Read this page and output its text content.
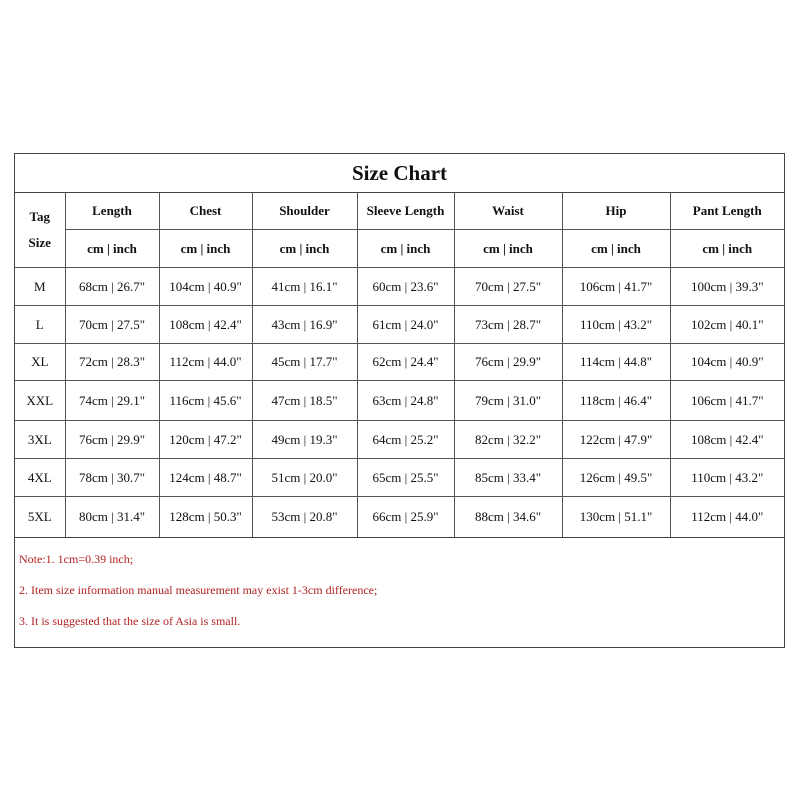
Size Chart
Tag
Size	Length	Chest	Shoulder	Sleeve Length	Waist	Hip	Pant Length
	cm | inch	cm | inch	cm | inch	cm | inch	cm | inch	cm | inch	cm | inch
M	68cm | 26.7"	104cm | 40.9"	41cm | 16.1"	60cm | 23.6"	70cm | 27.5"	106cm | 41.7"	100cm | 39.3"
L	70cm | 27.5"	108cm | 42.4"	43cm | 16.9"	61cm | 24.0"	73cm | 28.7"	110cm | 43.2"	102cm | 40.1"
XL	72cm | 28.3"	112cm | 44.0"	45cm | 17.7"	62cm | 24.4"	76cm | 29.9"	114cm | 44.8"	104cm | 40.9"
XXL	74cm | 29.1"	116cm | 45.6"	47cm | 18.5"	63cm | 24.8"	79cm | 31.0"	118cm | 46.4"	106cm | 41.7"
3XL	76cm | 29.9"	120cm | 47.2"	49cm | 19.3"	64cm | 25.2"	82cm | 32.2"	122cm | 47.9"	108cm | 42.4"
4XL	78cm | 30.7"	124cm | 48.7"	51cm | 20.0"	65cm | 25.5"	85cm | 33.4"	126cm | 49.5"	110cm | 43.2"
5XL	80cm | 31.4"	128cm | 50.3"	53cm | 20.8"	66cm | 25.9"	88cm | 34.6"	130cm | 51.1"	112cm | 44.0"
Note:1. 1cm=0.39 inch;
2. Item size information manual measurement may exist 1-3cm difference;
3. It is suggested that the size of Asia is small.
